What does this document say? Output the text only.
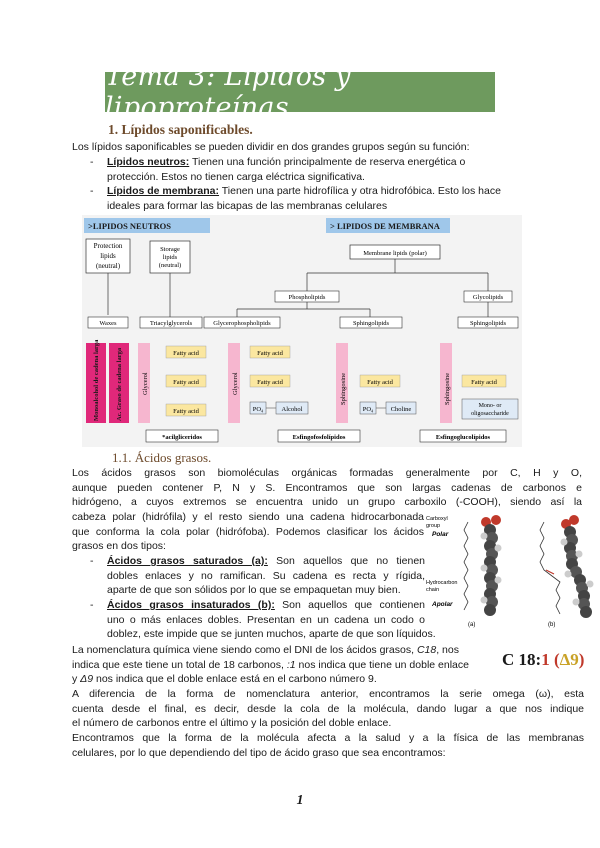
Tema 3: Lípidos y lipoproteínas.
1. Lípidos saponificables.
Los lípidos saponificables se pueden dividir en dos grandes grupos según su función:
- Lípidos neutros: Tienen una función principalmente de reserva energética o
protección. Estos no tienen carga eléctrica significativa.
- Lípidos de membrana: Tienen una parte hidrofílica y otra hidrofóbica. Esto los hace
ideales para formar las bicapas de las membranas celulares
>LIPIDOS NEUTROS	> LIPIDOS DE MEMBRANA
Protection
lipids
(neutral)
Storage
lipids
(neutral)
Membrane lipids (polar)
Phospholipids	Glycolipids
Waxes	Triacylglycerols	Glycerophospholipids	Sphingolipids	Sphingolipids
Monoalcohol de cadena larga Ac. Graso de cadena larga	Glycerol
Fatty acid
Fatty acid
Fatty acid
Glycerol
Fatty acid
Fatty acid
PO₄	Alcohol
Sphingosine	Fatty acid
PO₄	Choline
Sphingosine	Fatty acid
Mono- or
oligosaccharide
*acilgliceridos	Esfingofosfolípidos	Esfingoglucolípidos
1.1. Ácidos grasos.
Los ácidos grasos son biomoléculas orgánicas formadas generalmente por C, H y O,
aunque pueden contener P, N y S. Encontramos que son largas cadenas de carbonos e
hidrógeno, a cuyos extremos se encuentra unido un grupo carboxilo (-COOH), siendo así la
cabeza polar (hidrófila) y el resto siendo una cadena hidrocarbonada
que conforma la cola polar (hidrófoba). Podemos clasificar los ácidos
grasos en dos tipos:
- Ácidos grasos saturados (a): Son aquellos que no tienen
dobles enlaces y no ramifican. Su cadena es recta y rígida,
aparte de que son sólidos por lo que se empaquetan muy bien.
- Ácidos grasos insaturados (b): Son aquellos que contienen
uno o más enlaces dobles. Presentan en un cadena un codo o
doblez, este impide que se junten muchos, aparte de que son líquidos.
Carboxyl
group
Polar
Hydrocarbon
chain
Apolar
(a)	(b)
La nomenclatura química viene siendo como el DNI de los ácidos grasos, C18, nos
indica que este tiene un total de 18 carbonos, :1 nos indica que tiene un doble enlace
y Δ9 nos indica que el doble enlace está en el carbono número 9.
C 18:1 (Δ9)
A diferencia de la forma de nomenclatura anterior, encontramos la serie omega (ω), esta
cuenta desde el final, es decir, desde la cola de la molécula, dando lugar a que nos indique
el número de carbonos entre el último y la posición del doble enlace.
Encontramos que la forma de la molécula afecta a la salud y a la física de las membranas
celulares, por lo que dependiendo del tipo de ácido graso que sea encontramos:
1
